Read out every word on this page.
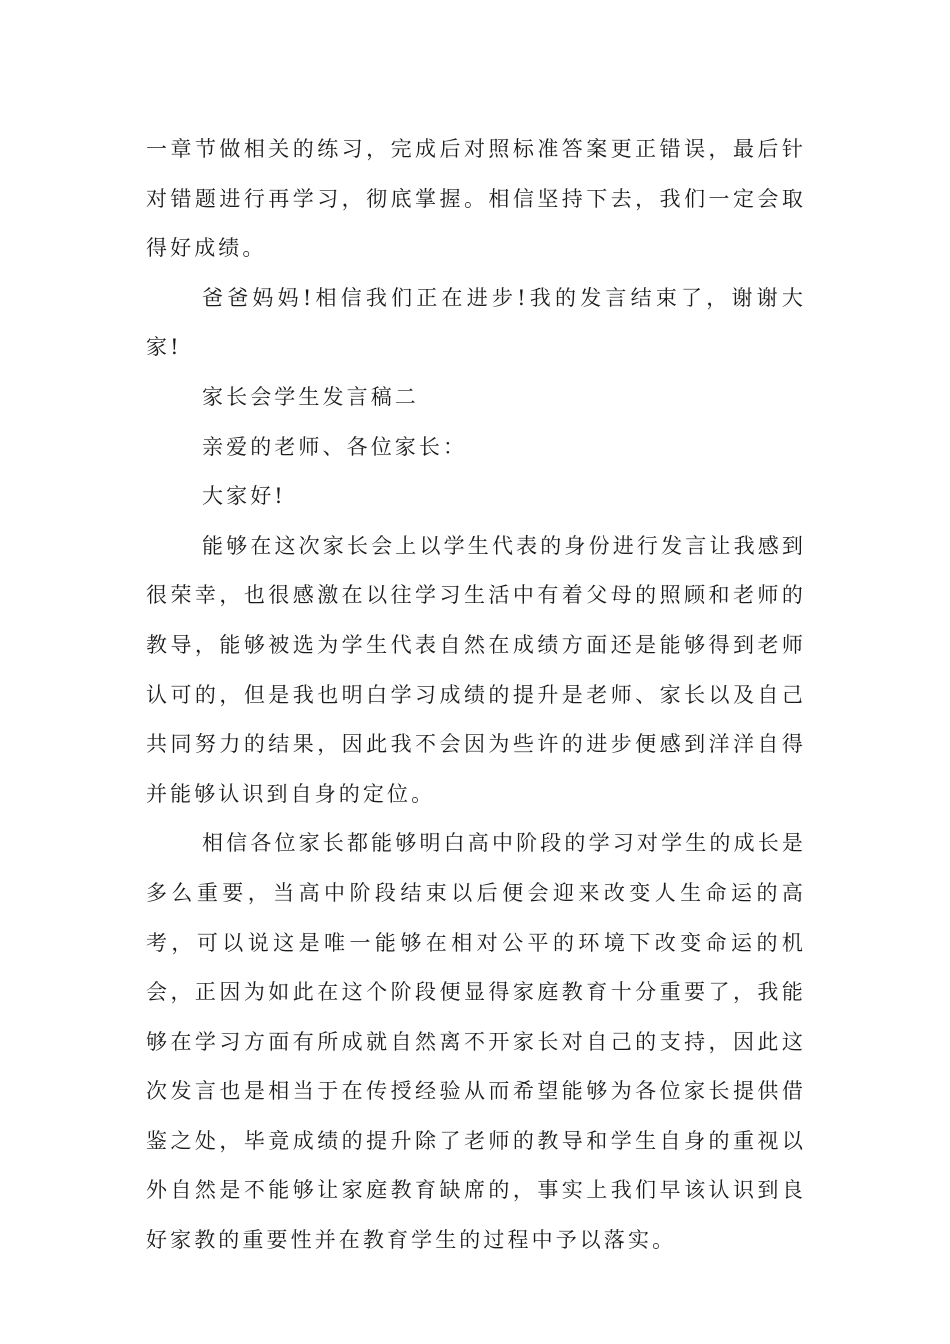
一章节做相关的练习，完成后对照标准答案更正错误，最后针对错题进行再学习，彻底掌握。相信坚持下去，我们一定会取得好成绩。

爸爸妈妈!相信我们正在进步!我的发言结束了，谢谢大家!

家长会学生发言稿二

亲爱的老师、各位家长：

大家好!

能够在这次家长会上以学生代表的身份进行发言让我感到很荣幸，也很感激在以往学习生活中有着父母的照顾和老师的教导，能够被选为学生代表自然在成绩方面还是能够得到老师认可的，但是我也明白学习成绩的提升是老师、家长以及自己共同努力的结果，因此我不会因为些许的进步便感到洋洋自得并能够认识到自身的定位。

相信各位家长都能够明白高中阶段的学习对学生的成长是多么重要，当高中阶段结束以后便会迎来改变人生命运的高考，可以说这是唯一能够在相对公平的环境下改变命运的机会，正因为如此在这个阶段便显得家庭教育十分重要了，我能够在学习方面有所成就自然离不开家长对自己的支持，因此这次发言也是相当于在传授经验从而希望能够为各位家长提供借鉴之处，毕竟成绩的提升除了老师的教导和学生自身的重视以外自然是不能够让家庭教育缺席的，事实上我们早该认识到良好家教的重要性并在教育学生的过程中予以落实。
